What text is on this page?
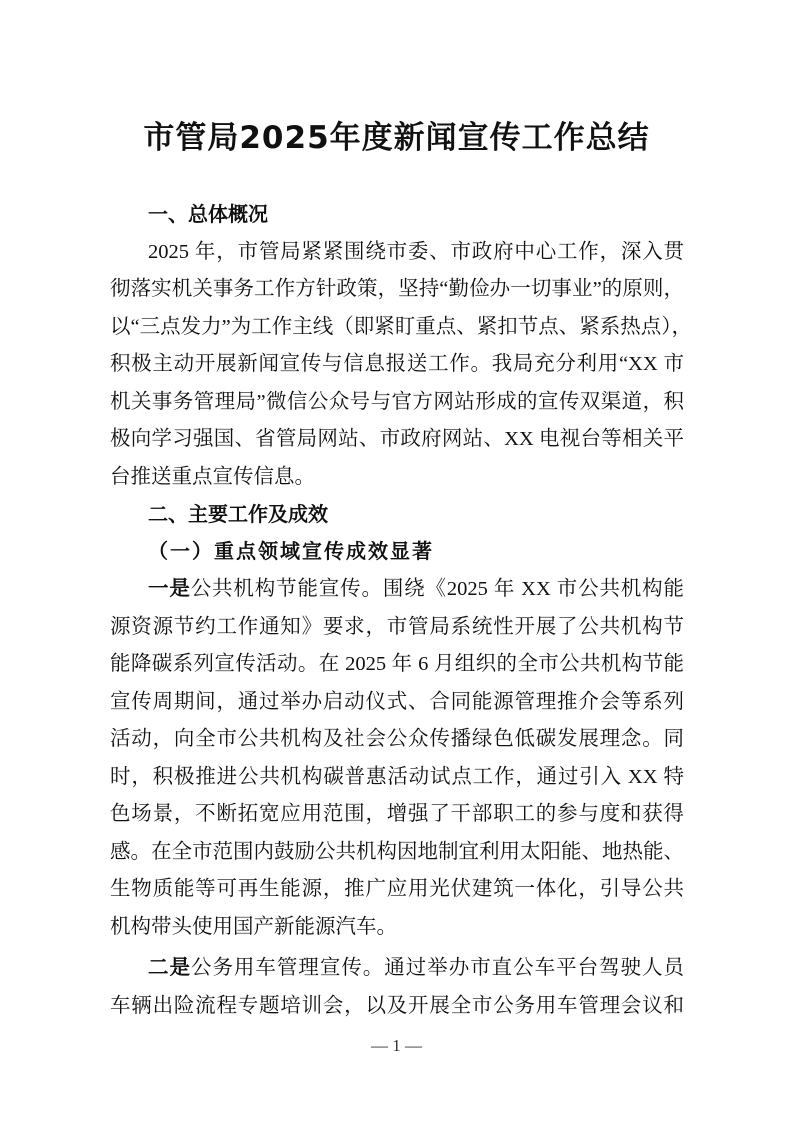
市管局2025年度新闻宣传工作总结
一、总体概况
2025 年，市管局紧紧围绕市委、市政府中心工作，深入贯
彻落实机关事务工作方针政策，坚持“勤俭办一切事业”的原则，
以“三点发力”为工作主线（即紧盯重点、紧扣节点、紧系热点），
积极主动开展新闻宣传与信息报送工作。我局充分利用“XX 市
机关事务管理局”微信公众号与官方网站形成的宣传双渠道，积
极向学习强国、省管局网站、市政府网站、XX 电视台等相关平
台推送重点宣传信息。
二、主要工作及成效
（一）重点领域宣传成效显著
一是公共机构节能宣传。围绕《2025 年 XX 市公共机构能
源资源节约工作通知》要求，市管局系统性开展了公共机构节
能降碳系列宣传活动。在 2025 年 6 月组织的全市公共机构节能
宣传周期间，通过举办启动仪式、合同能源管理推介会等系列
活动，向全市公共机构及社会公众传播绿色低碳发展理念。同
时，积极推进公共机构碳普惠活动试点工作，通过引入 XX 特
色场景，不断拓宽应用范围，增强了干部职工的参与度和获得
感。在全市范围内鼓励公共机构因地制宜利用太阳能、地热能、
生物质能等可再生能源，推广应用光伏建筑一体化，引导公共
机构带头使用国产新能源汽车。
二是公务用车管理宣传。通过举办市直公车平台驾驶人员
车辆出险流程专题培训会，以及开展全市公务用车管理会议和
— 1 —
